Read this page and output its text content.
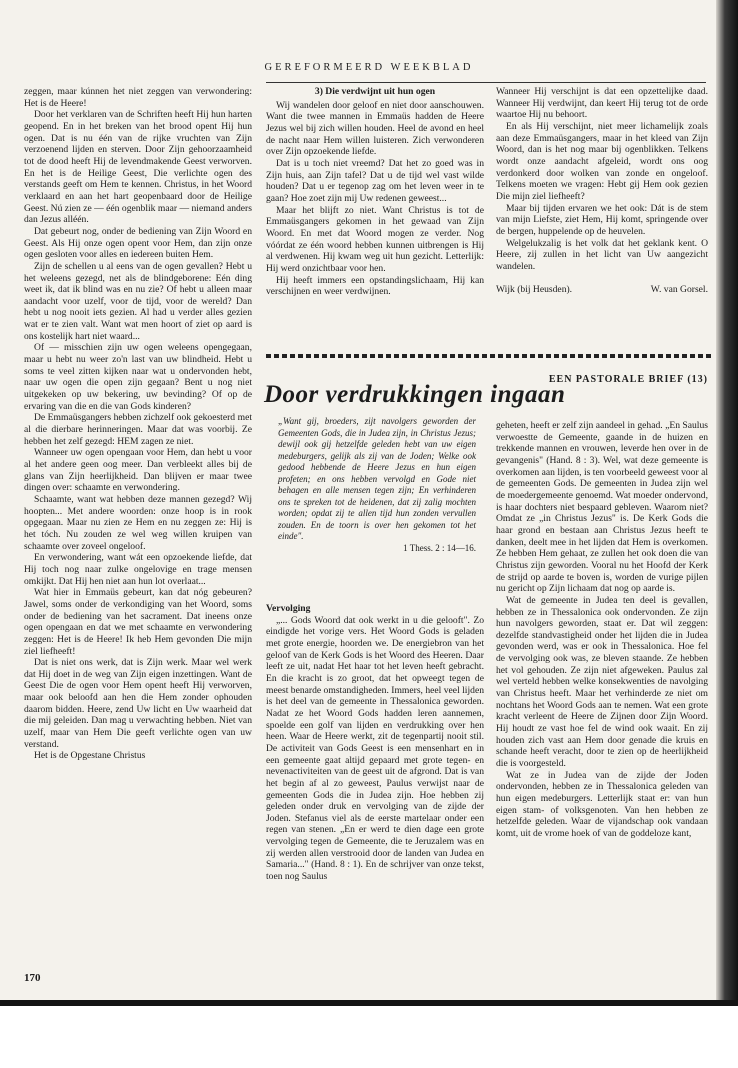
GEREFORMEERD WEEKBLAD

zeggen, maar kúnnen het niet zeggen van verwondering: Het is de Heere!

Door het verklaren van de Schriften heeft Hij hun harten geopend. En in het breken van het brood opent Hij hun ogen. Dat is nu één van de rijke vruchten van Zijn verzoenend lijden en sterven. Door Zijn gehoorzaamheid tot de dood heeft Hij de levendmakende Geest verworven. En het is de Heilige Geest, Die verlichte ogen des verstands geeft om Hem te kennen. Christus, in het Woord verklaard en aan het hart geopenbaard door de Heilige Geest. Nú zien ze — één ogenblik maar — niemand anders dan Jezus alléén.

Dat gebeurt nog, onder de bediening van Zijn Woord en Geest. Als Hij onze ogen opent voor Hem, dan zijn onze ogen gesloten voor alles en iedereen buiten Hem.

Zijn de schellen u al eens van de ogen gevallen? Hebt u het weleens gezegd, net als de blindgeborene: Eén ding weet ik, dat ik blind was en nu zie? Of hebt u alleen maar aandacht voor uzelf, voor de tijd, voor de wereld? Dan hebt u nog nooit iets gezien. Al had u verder alles gezien wat er te zien valt. Want wat men hoort of ziet op aard is ons kostelijk hart niet waard...

Of — misschien zijn uw ogen weleens opengegaan, maar u hebt nu weer zo'n last van uw blindheid. Hebt u soms te veel zitten kijken naar wat u ondervonden hebt, naar uw ogen die open zijn gegaan? Bent u nog niet uitgekeken op uw bekering, uw bevinding? Of op de ervaring van die en die van Gods kinderen?

De Emmaüsgangers hebben zichzelf ook gekoesterd met al die dierbare herinneringen. Maar dat was voorbij. Ze hebben het zelf gezegd: HEM zagen ze niet.

Wanneer uw ogen opengaan voor Hem, dan hebt u voor al het andere geen oog meer. Dan verbleekt alles bij de glans van Zijn heerlijkheid. Dan blijven er maar twee dingen over: schaamte en verwondering.

Schaamte, want wat hebben deze mannen gezegd? Wij hoopten... Met andere woorden: onze hoop is in rook opgegaan. Maar nu zien ze Hem en nu zeggen ze: Hij is het tóch. Nu zouden ze wel weg willen kruipen van schaamte over zoveel ongeloof.

En verwondering, want wát een opzoekende liefde, dat Hij toch nog naar zulke ongelovige en trage mensen omkijkt. Dat Hij hen niet aan hun lot overlaat...

Wat hier in Emmaüs gebeurt, kan dat nóg gebeuren? Jawel, soms onder de verkondiging van het Woord, soms onder de bediening van het sacrament. Dat ineens onze ogen opengaan en dat we met schaamte en verwondering zeggen: Het is de Heere! Ik heb Hem gevonden Die mijn ziel liefheeft!

Dat is niet ons werk, dat is Zijn werk. Maar wel werk dat Hij doet in de weg van Zijn eigen inzettingen. Want de Geest Die de ogen voor Hem opent heeft Hij verworven, maar ook beloofd aan hen die Hem zonder ophouden daarom bidden. Heere, zend Uw licht en Uw waarheid dat die mij geleiden. Dan mag u verwachting hebben. Niet van uzelf, maar van Hem Die geeft verlichte ogen van uw verstand.

Het is de Opgestane Christus

3) Die verdwijnt uit hun ogen

Wij wandelen door geloof en niet door aanschouwen. Want die twee mannen in Emmaüs hadden de Heere Jezus wel bij zich willen houden. Heel de avond en heel de nacht naar Hem willen luisteren. Zich verwonderen over Zijn opzoekende liefde.

Dat is u toch niet vreemd? Dat het zo goed was in Zijn huis, aan Zijn tafel? Dat u de tijd wel vast wilde houden? Dat u er tegenop zag om het leven weer in te gaan? Hoe zoet zijn mij Uw redenen geweest...

Maar het blijft zo niet. Want Christus is tot de Emmaüsgangers gekomen in het gewaad van Zijn Woord. En met dat Woord mogen ze verder. Nog vóórdat ze één woord hebben kunnen uitbrengen is Hij al verdwenen. Hij kwam weg uit hun gezicht. Letterlijk: Hij werd onzichtbaar voor hen.

Hij heeft immers een opstandingslichaam, Hij kan verschijnen en weer verdwijnen.

Wanneer Hij verschijnt is dat een opzettelijke daad. Wanneer Hij verdwijnt, dan keert Hij terug tot de orde waartoe Hij nu behoort.

En als Hij verschijnt, niet meer lichamelijk zoals aan deze Emmaüsgangers, maar in het kleed van Zijn Woord, dan is het nog maar bij ogenblikken. Telkens wordt onze aandacht afgeleid, wordt ons oog verdonkerd door wolken van zonde en ongeloof. Telkens moeten we vragen: Hebt gij Hem ook gezien Die mijn ziel liefheeft?

Maar bij tijden ervaren we het ook: Dát is de stem van mijn Liefste, ziet Hem, Hij komt, springende over de bergen, huppelende op de heuvelen.

Welgelukzalig is het volk dat het geklank kent. O Heere, zij zullen in het licht van Uw aangezicht wandelen.

Wijk (bij Heusden).	W. van Gorsel.
EEN PASTORALE BRIEF (13)
Door verdrukkingen ingaan

„Want gij, broeders, zijt navolgers geworden der Gemeenten Gods, die in Judea zijn, in Christus Jezus; dewijl ook gij hetzelfde geleden hebt van uw eigen medeburgers, gelijk als zij van de Joden; Welke ook gedood hebbende de Heere Jezus en hun eigen profeten; en ons hebben vervolgd en Gode niet behagen en alle mensen tegen zijn; En verhinderen ons te spreken tot de heidenen, dat zij zalig mochten worden; opdat zij te allen tijd hun zonden vervullen zouden. En de toorn is over hen gekomen tot het einde".

1 Thess. 2 : 14—16.

Vervolging

„... Gods Woord dat ook werkt in u die gelooft". Zo eindigde het vorige vers. Het Woord Gods is geladen met grote energie, hoorden we. De energiebron van het geloof van de Kerk Gods is het Woord des Heeren. Daar leeft ze uit, nadat Het haar tot het leven heeft gebracht. En die kracht is zo groot, dat het opweegt tegen de meest benarde omstandigheden. Immers, heel veel lijden is het deel van de gemeente in Thessalonica geworden. Nadat ze het Woord Gods hadden leren aannemen, spoelde een golf van lijden en verdrukking over hen heen. Waar de Heere werkt, zit de tegenpartij nooit stil. De activiteit van Gods Geest is een mensenhart en in een gemeente gaat altijd gepaard met grote tegen- en nevenactiviteiten van de geest uit de afgrond. Dat is van het begin af al zo geweest, Paulus verwijst naar de gemeenten Gods die in Judea zijn. Hoe hebben zij geleden onder druk en vervolging van de zijde der Joden. Stefanus viel als de eerste martelaar onder een regen van stenen. „En er werd te dien dage een grote vervolging tegen de Gemeente, die te Jeruzalem was en zij werden allen verstrooid door de landen van Judea en Samaria..." (Hand. 8 : 1). En de schrijver van onze tekst, toen nog Saulus

geheten, heeft er zelf zijn aandeel in gehad. „En Saulus verwoestte de Gemeente, gaande in de huizen en trekkende mannen en vrouwen, leverde hen over in de gevangenis" (Hand. 8 : 3). Wel, wat deze gemeente is overkomen aan lijden, is ten voorbeeld geweest voor al de gemeenten Gods. De gemeenten in Judea zijn wel de moedergemeente genoemd. Wat moeder ondervond, is haar dochters niet bespaard gebleven. Waarom niet? Omdat ze „in Christus Jezus" is. De Kerk Gods die haar grond en bestaan aan Christus Jezus heeft te danken, deelt mee in het lijden dat Hem is overkomen. Ze hebben Hem gehaat, ze zullen het ook doen die van Christus zijn geworden. Vooral nu het Hoofd der Kerk de strijd op aarde te boven is, worden de vurige pijlen nu gericht op Zijn lichaam dat nog op aarde is.

Wat de gemeente in Judea ten deel is gevallen, hebben ze in Thessalonica ook ondervonden. Ze zijn hun navolgers geworden, staat er. Dat wil zeggen: dezelfde standvastigheid onder het lijden die in Judea gevonden werd, was er ook in Thessalonica. Hoe fel de vervolging ook was, ze bleven staande. Ze hebben het vol gehouden. Ze zijn niet afgeweken. Paulus zal wel verteld hebben welke konsekwenties de navolging van Christus heeft. Maar het verhinderde ze niet om nochtans het Woord Gods aan te nemen. Wat een grote kracht verleent de Heere de Zijnen door Zijn Woord. Hij houdt ze vast hoe fel de wind ook waait. En zij houden zich vast aan Hem door genade die kruis en schande heeft veracht, door te zien op de heerlijkheid die is voorgesteld.

Wat ze in Judea van de zijde der Joden ondervonden, hebben ze in Thessalonica geleden van hun eigen medeburgers. Letterlijk staat er: van hun eigen stam- of volksgenoten. Van hen hebben ze hetzelfde geleden. Waar de vijandschap ook vandaan komt, uit de vrome hoek of van de goddeloze kant,

170
